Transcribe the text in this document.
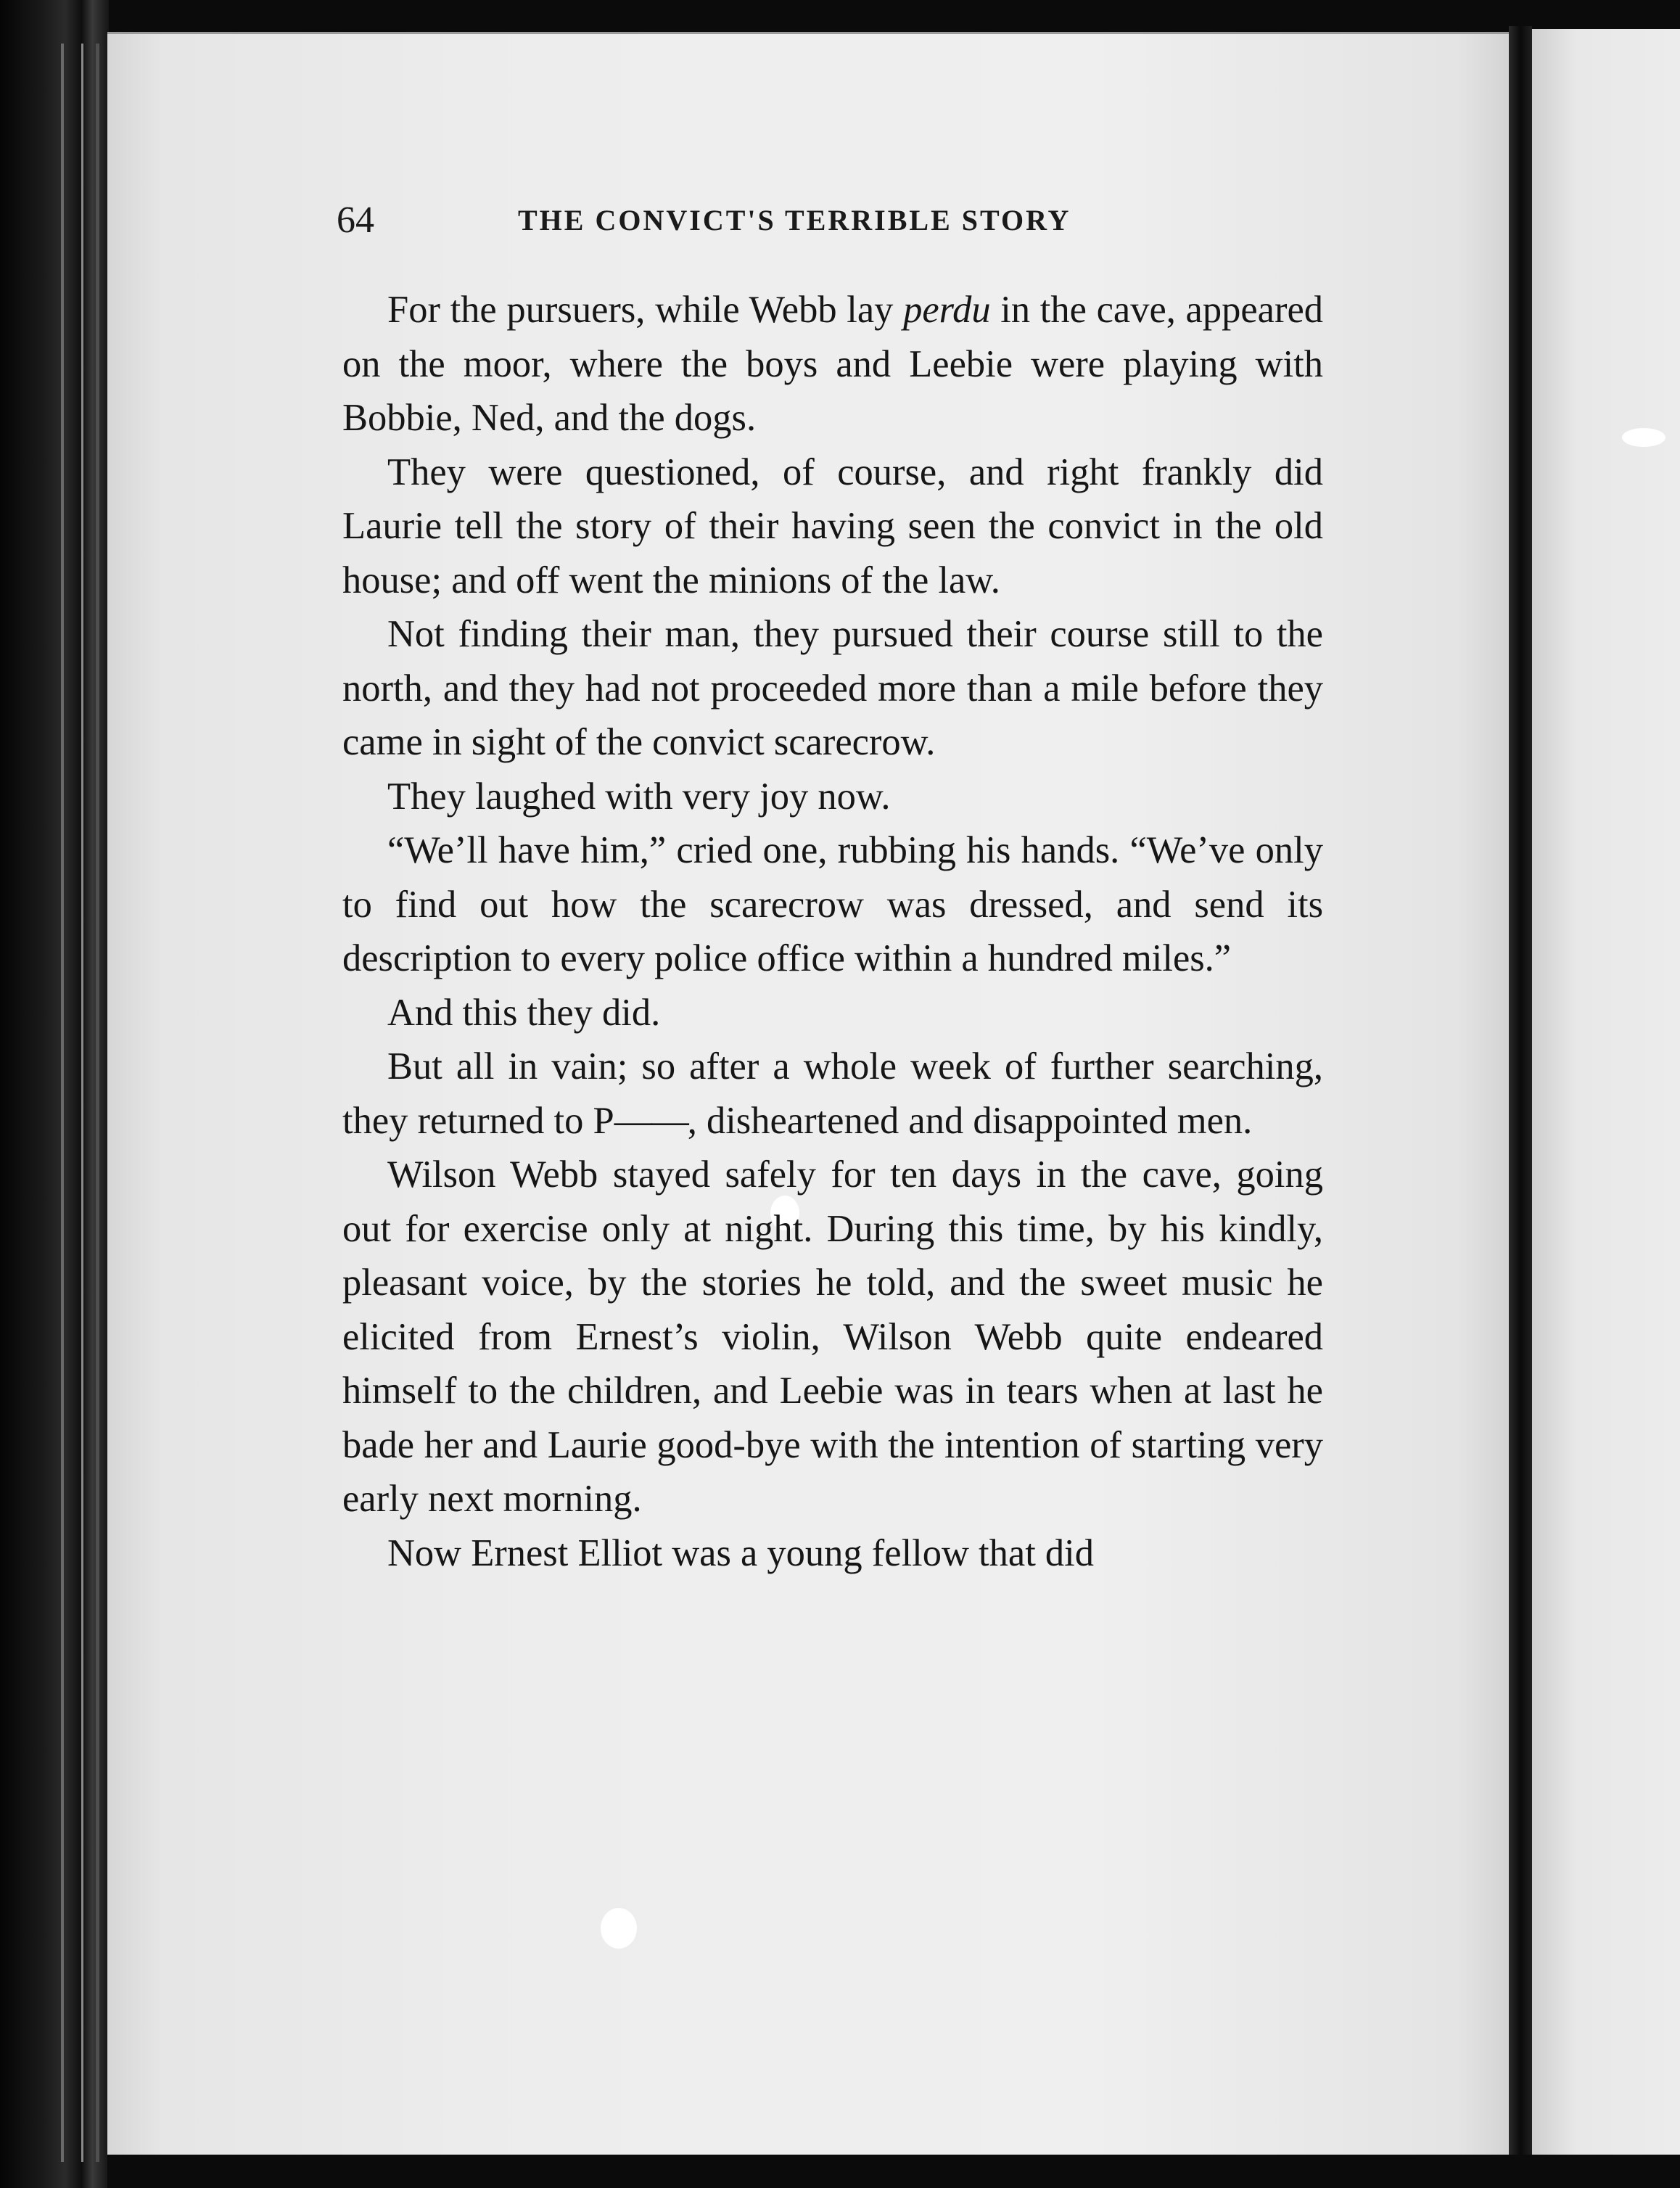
64	THE CONVICT'S TERRIBLE STORY

For the pursuers, while Webb lay perdu in the cave, appeared on the moor, where the boys and Leebie were playing with Bobbie, Ned, and the dogs.

They were questioned, of course, and right frankly did Laurie tell the story of their having seen the convict in the old house; and off went the minions of the law.

Not finding their man, they pursued their course still to the north, and they had not proceeded more than a mile before they came in sight of the convict scarecrow.

They laughed with very joy now.

“We’ll have him,” cried one, rubbing his hands. “We’ve only to find out how the scarecrow was dressed, and send its description to every police office within a hundred miles.”

And this they did.

But all in vain; so after a whole week of further searching, they returned to P——, disheartened and disappointed men.

Wilson Webb stayed safely for ten days in the cave, going out for exercise only at night. During this time, by his kindly, pleasant voice, by the stories he told, and the sweet music he elicited from Ernest’s violin, Wilson Webb quite endeared himself to the children, and Leebie was in tears when at last he bade her and Laurie good-bye with the intention of starting very early next morning.

Now Ernest Elliot was a young fellow that did
